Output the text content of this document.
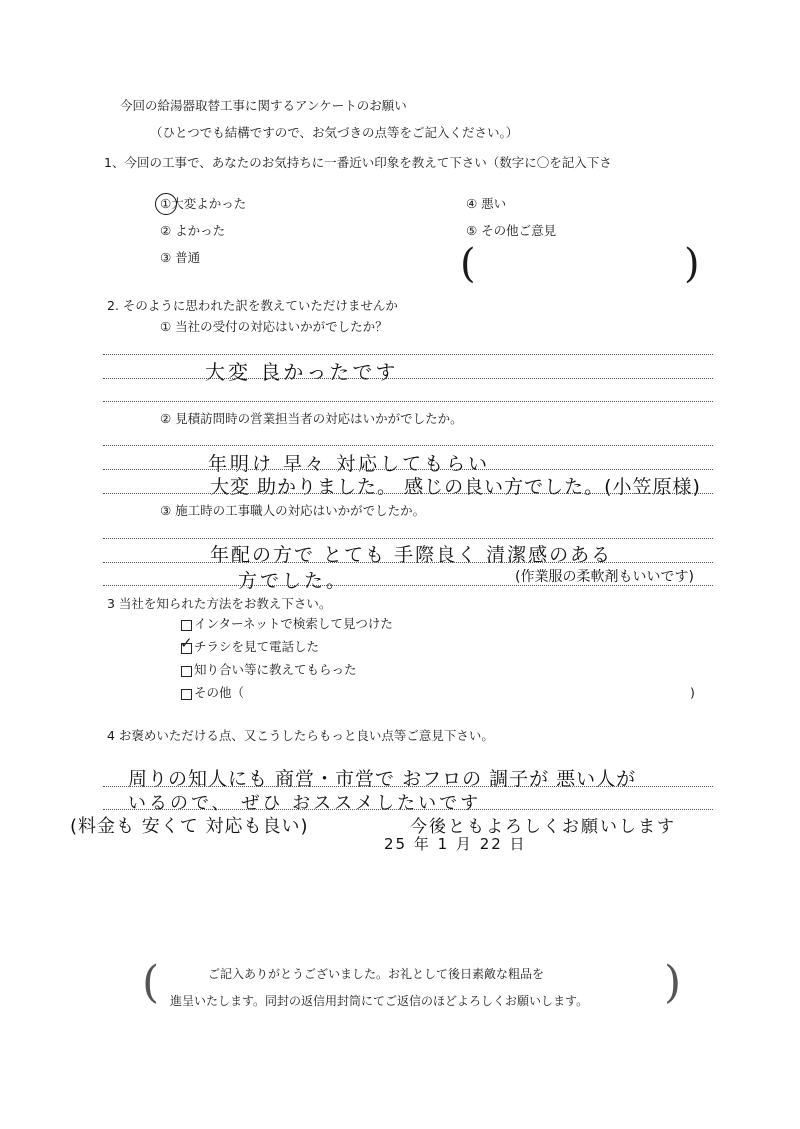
今回の給湯器取替工事に関するアンケートのお願い
（ひとつでも結構ですので、お気づきの点等をご記入ください。）
1、今回の工事で、あなたのお気持ちに一番近い印象を教えて下さい（数字に〇を記入下さ
①大変よかった
② よかった
③ 普通
④ 悪い
⑤ その他ご意見
(	)
2. そのように思われた訳を教えていただけませんか
① 当社の受付の対応はいかがでしたか？
大変 良かったです
② 見積訪問時の営業担当者の対応はいかがでしたか。
年明け 早々 対応してもらい
大変 助かりました。 感じの良い方でした。(小笠原様)
③ 施工時の工事職人の対応はいかがでしたか。
年配の方で とても 手際良く 清潔感のある
方でした。	(作業服の柔軟剤もいいです)
3 当社を知られた方法をお教え下さい。
インターネットで検索して見つけた
✓ チラシを見て電話した
知り合い等に教えてもらった
その他（	)
4 お褒めいただける点、又こうしたらもっと良い点等ご意見下さい。
周りの知人にも 商営・市営で おフロの 調子が 悪い人が
いるので、 ぜひ おススメしたいです
(料金も 安くて 対応も良い)	今後ともよろしくお願いします
25 年 1 月 22 日
(	ご記入ありがとうございました。お礼として後日素敵な粗品を
進呈いたします。同封の返信用封筒にてご返信のほどよろしくお願いします。 )
